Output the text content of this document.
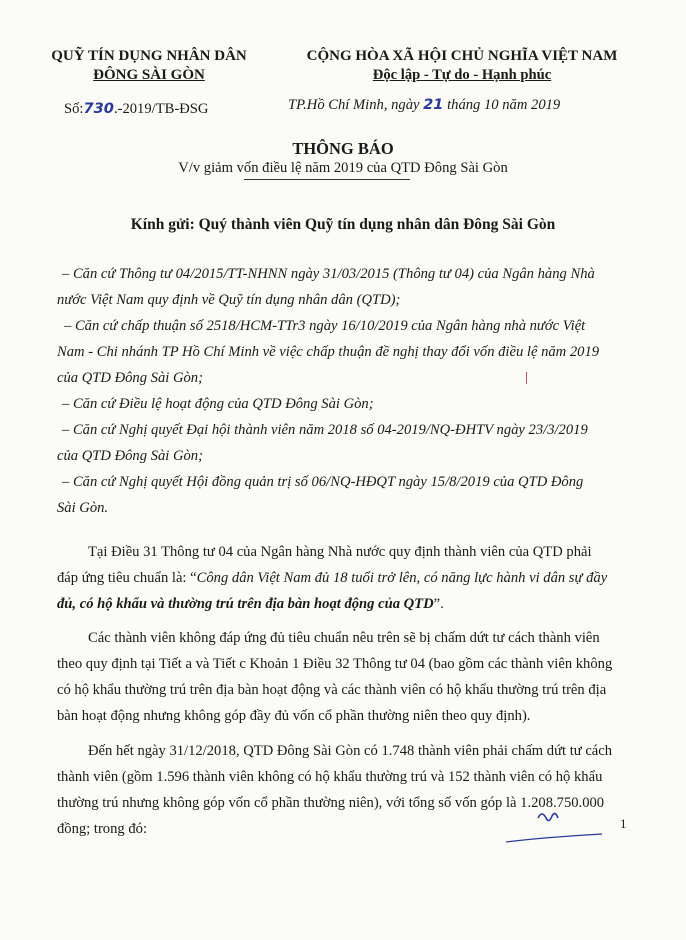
QUỸ TÍN DỤNG NHÂN DÂN
ĐÔNG SÀI GÒN
Số:730.-2019/TB-ĐSG
CỘNG HÒA XÃ HỘI CHỦ NGHĨA VIỆT NAM
Độc lập - Tự do - Hạnh phúc
TP.Hồ Chí Minh, ngày 21 tháng 10 năm 2019
THÔNG BÁO
V/v giảm vốn điều lệ năm 2019 của QTD Đông Sài Gòn
Kính gửi: Quý thành viên Quỹ tín dụng nhân dân Đông Sài Gòn
– Căn cứ Thông tư 04/2015/TT-NHNN ngày 31/03/2015 (Thông tư 04) của Ngân hàng Nhà
nước Việt Nam quy định về Quỹ tín dụng nhân dân (QTD);
– Căn cứ chấp thuận số 2518/HCM-TTr3 ngày 16/10/2019 của Ngân hàng nhà nước Việt
Nam - Chi nhánh TP Hồ Chí Minh về việc chấp thuận đề nghị thay đổi vốn điều lệ năm 2019
của QTD Đông Sài Gòn;
– Căn cứ Điều lệ hoạt động của QTD Đông Sài Gòn;
– Căn cứ Nghị quyết Đại hội thành viên năm 2018 số 04-2019/NQ-ĐHTV ngày 23/3/2019
của QTD Đông Sài Gòn;
– Căn cứ Nghị quyết Hội đồng quản trị số 06/NQ-HĐQT ngày 15/8/2019 của QTD Đông
Sài Gòn.
Tại Điều 31 Thông tư 04 của Ngân hàng Nhà nước quy định thành viên của QTD phải
đáp ứng tiêu chuẩn là: “Công dân Việt Nam đủ 18 tuổi trở lên, có năng lực hành vi dân sự đầy
đủ, có hộ khẩu và thường trú trên địa bàn hoạt động của QTD”.
Các thành viên không đáp ứng đủ tiêu chuẩn nêu trên sẽ bị chấm dứt tư cách thành viên
theo quy định tại Tiết a và Tiết c Khoản 1 Điều 32 Thông tư 04 (bao gồm các thành viên không
có hộ khẩu thường trú trên địa bàn hoạt động và các thành viên có hộ khẩu thường trú trên địa
bàn hoạt động nhưng không góp đầy đủ vốn cổ phần thường niên theo quy định).
Đến hết ngày 31/12/2018, QTD Đông Sài Gòn có 1.748 thành viên phải chấm dứt tư cách
thành viên (gồm 1.596 thành viên không có hộ khẩu thường trú và 152 thành viên có hộ khẩu
thường trú nhưng không góp vốn cổ phần thường niên), với tổng số vốn góp là 1.208.750.000
đồng; trong đó:	1
